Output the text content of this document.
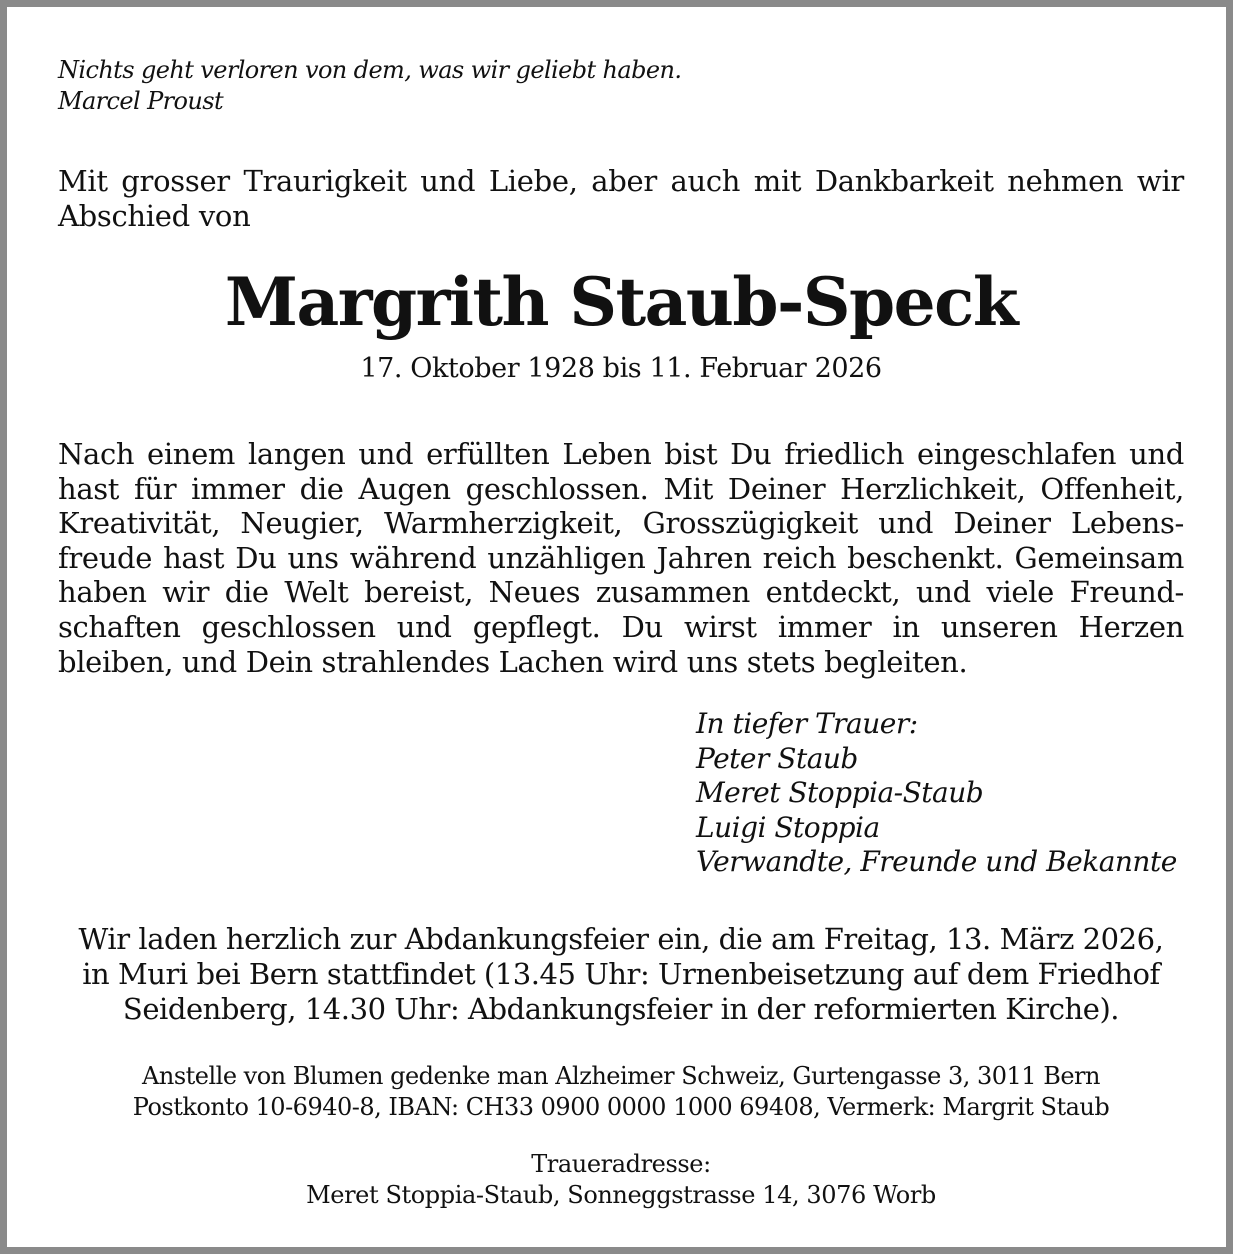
Nichts geht verloren von dem, was wir geliebt haben.
Marcel Proust
Mit grosser Traurigkeit und Liebe, aber auch mit Dankbarkeit nehmen wir Abschied von
Margrith Staub-Speck
17. Oktober 1928 bis 11. Februar 2026
Nach einem langen und erfüllten Leben bist Du friedlich eingeschlafen und
hast für immer die Augen geschlossen. Mit Deiner Herzlichkeit, Offenheit,
Kreativität, Neugier, Warmherzigkeit, Grosszügigkeit und Deiner Lebens-
freude hast Du uns während unzähligen Jahren reich beschenkt. Gemeinsam
haben wir die Welt bereist, Neues zusammen entdeckt, und viele Freund-
schaften geschlossen und gepflegt. Du wirst immer in unseren Herzen
bleiben, und Dein strahlendes Lachen wird uns stets begleiten.
In tiefer Trauer:
Peter Staub
Meret Stoppia-Staub
Luigi Stoppia
Verwandte, Freunde und Bekannte
Wir laden herzlich zur Abdankungsfeier ein, die am Freitag, 13. März 2026,
in Muri bei Bern stattfindet (13.45 Uhr: Urnenbeisetzung auf dem Friedhof
Seidenberg, 14.30 Uhr: Abdankungsfeier in der reformierten Kirche).
Anstelle von Blumen gedenke man Alzheimer Schweiz, Gurtengasse 3, 3011 Bern
Postkonto 10-6940-8, IBAN: CH33 0900 0000 1000 69408, Vermerk: Margrit Staub
Traueradresse:
Meret Stoppia-Staub, Sonneggstrasse 14, 3076 Worb
